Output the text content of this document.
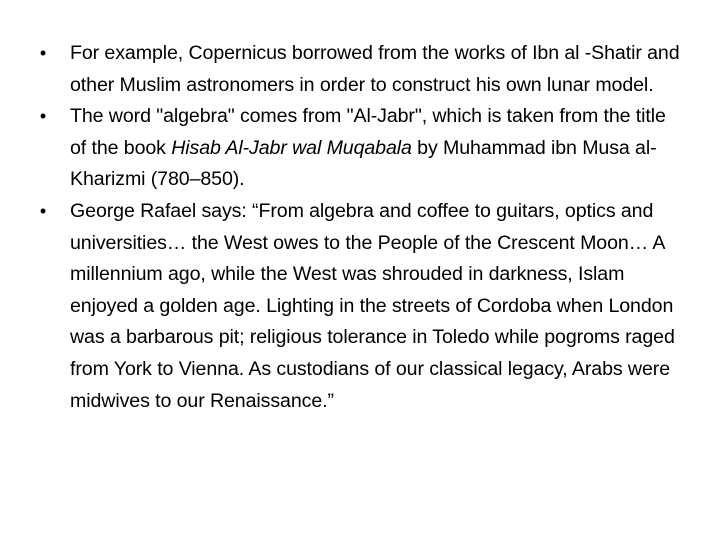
• For example, Copernicus borrowed from the works of Ibn al -Shatir and other Muslim astronomers in order to construct his own lunar model.
• The word "algebra" comes from "Al-Jabr", which is taken from the title of the book Hisab Al-Jabr wal Muqabala by Muhammad ibn Musa al-Kharizmi (780–850).
• George Rafael says: “From algebra and coffee to guitars, optics and universities… the West owes to the People of the Crescent Moon… A millennium ago, while the West was shrouded in darkness, Islam enjoyed a golden age. Lighting in the streets of Cordoba when London was a barbarous pit; religious tolerance in Toledo while pogroms raged from York to Vienna. As custodians of our classical legacy, Arabs were midwives to our Renaissance.”
